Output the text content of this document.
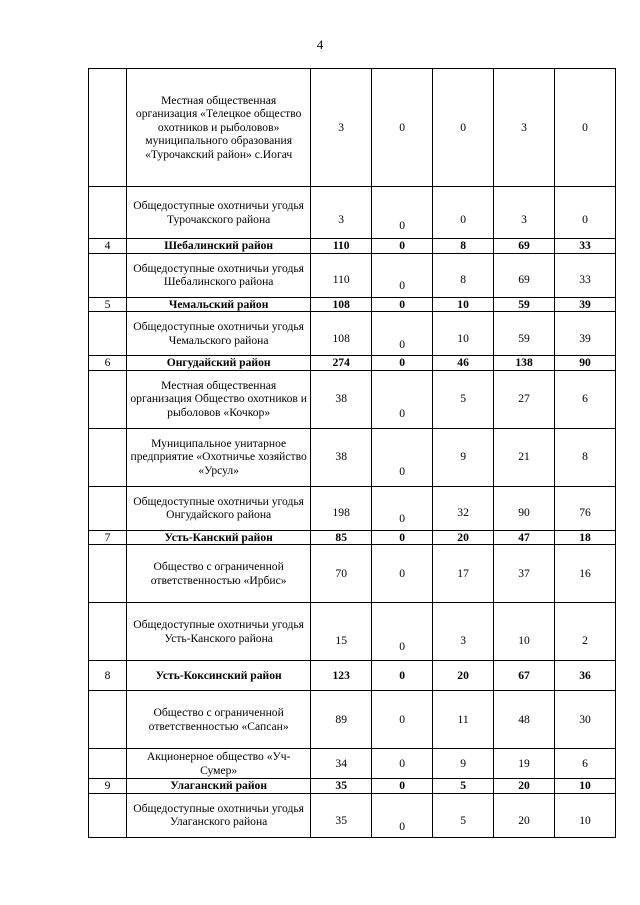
4
	Местная общественная организация «Телецкое общество охотников и рыболовов» муниципального образования «Турочакский район» с.Иогач	3	0	0	3	0
	Общедоступные охотничьи угодья Турочакского района	3	0	0	3	0
4	Шебалинский район	110	0	8	69	33
	Общедоступные охотничьи угодья Шебалинского района	110	0	8	69	33
5	Чемальский район	108	0	10	59	39
	Общедоступные охотничьи угодья Чемальского района	108	0	10	59	39
6	Онгудайский район	274	0	46	138	90
	Местная общественная организация Общество охотников и рыболовов «Кочкор»	38	0	5	27	6
	Муниципальное унитарное предприятие «Охотничье хозяйство «Урсул»	38	0	9	21	8
	Общедоступные охотничьи угодья Онгудайского района	198	0	32	90	76
7	Усть-Канский район	85	0	20	47	18
	Общество с ограниченной ответственностью «Ирбис»	70	0	17	37	16
	Общедоступные охотничьи угодья Усть-Канского района	15	0	3	10	2
8	Усть-Коксинский район	123	0	20	67	36
	Общество с ограниченной ответственностью «Сапсан»	89	0	11	48	30
	Акционерное общество «Уч-Сумер»	34	0	9	19	6
9	Улаганский район	35	0	5	20	10
	Общедоступные охотничьи угодья Улаганского района	35	0	5	20	10
